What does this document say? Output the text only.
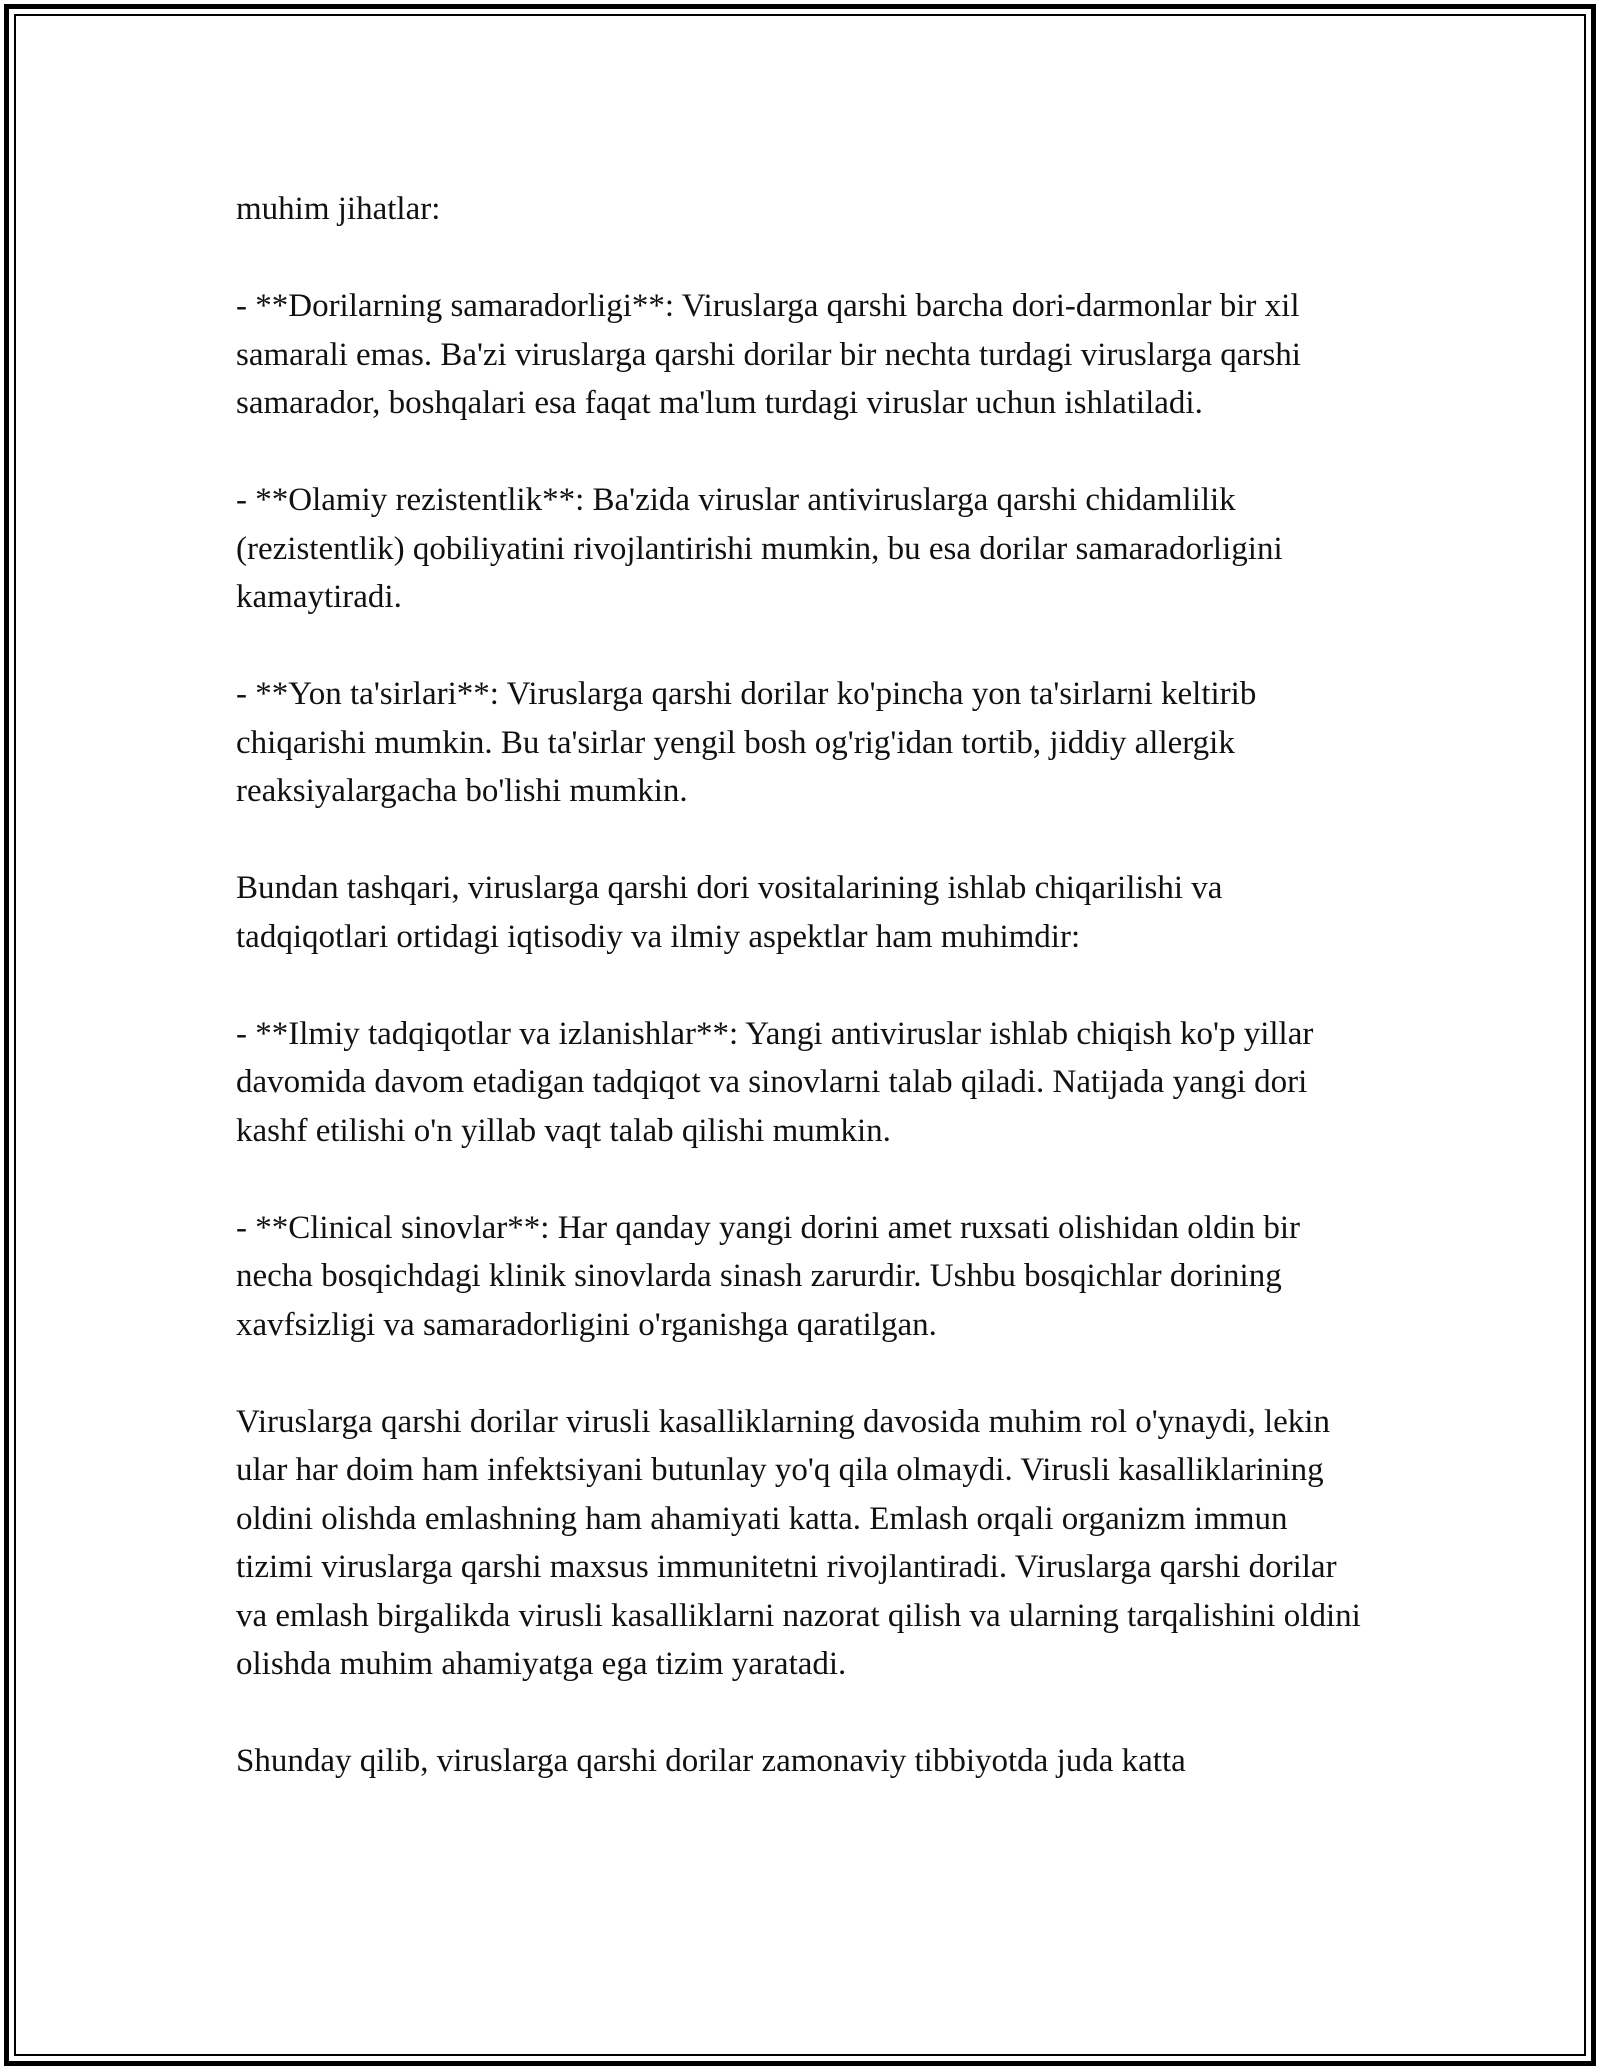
muhim jihatlar:

- **Dorilarning samaradorligi**: Viruslarga qarshi barcha dori-darmonlar bir xil samarali emas. Ba'zi viruslarga qarshi dorilar bir nechta turdagi viruslarga qarshi samarador, boshqalari esa faqat ma'lum turdagi viruslar uchun ishlatiladi.

- **Olamiy rezistentlik**: Ba'zida viruslar antiviruslarga qarshi chidamlilik (rezistentlik) qobiliyatini rivojlantirishi mumkin, bu esa dorilar samaradorligini kamaytiradi.

- **Yon ta'sirlari**: Viruslarga qarshi dorilar ko'pincha yon ta'sirlarni keltirib chiqarishi mumkin. Bu ta'sirlar yengil bosh og'rig'idan tortib, jiddiy allergik reaksiyalargacha bo'lishi mumkin.

Bundan tashqari, viruslarga qarshi dori vositalarining ishlab chiqarilishi va tadqiqotlari ortidagi iqtisodiy va ilmiy aspektlar ham muhimdir:

- **Ilmiy tadqiqotlar va izlanishlar**: Yangi antiviruslar ishlab chiqish ko'p yillar davomida davom etadigan tadqiqot va sinovlarni talab qiladi. Natijada yangi dori kashf etilishi o'n yillab vaqt talab qilishi mumkin.

- **Clinical sinovlar**: Har qanday yangi dorini amet ruxsati olishidan oldin bir necha bosqichdagi klinik sinovlarda sinash zarurdir. Ushbu bosqichlar dorining xavfsizligi va samaradorligini o'rganishga qaratilgan.

Viruslarga qarshi dorilar virusli kasalliklarning davosida muhim rol o'ynaydi, lekin ular har doim ham infektsiyani butunlay yo'q qila olmaydi. Virusli kasalliklarining oldini olishda emlashning ham ahamiyati katta. Emlash orqali organizm immun tizimi viruslarga qarshi maxsus immunitetni rivojlantiradi. Viruslarga qarshi dorilar va emlash birgalikda virusli kasalliklarni nazorat qilish va ularning tarqalishini oldini olishda muhim ahamiyatga ega tizim yaratadi.

Shunday qilib, viruslarga qarshi dorilar zamonaviy tibbiyotda juda katta
